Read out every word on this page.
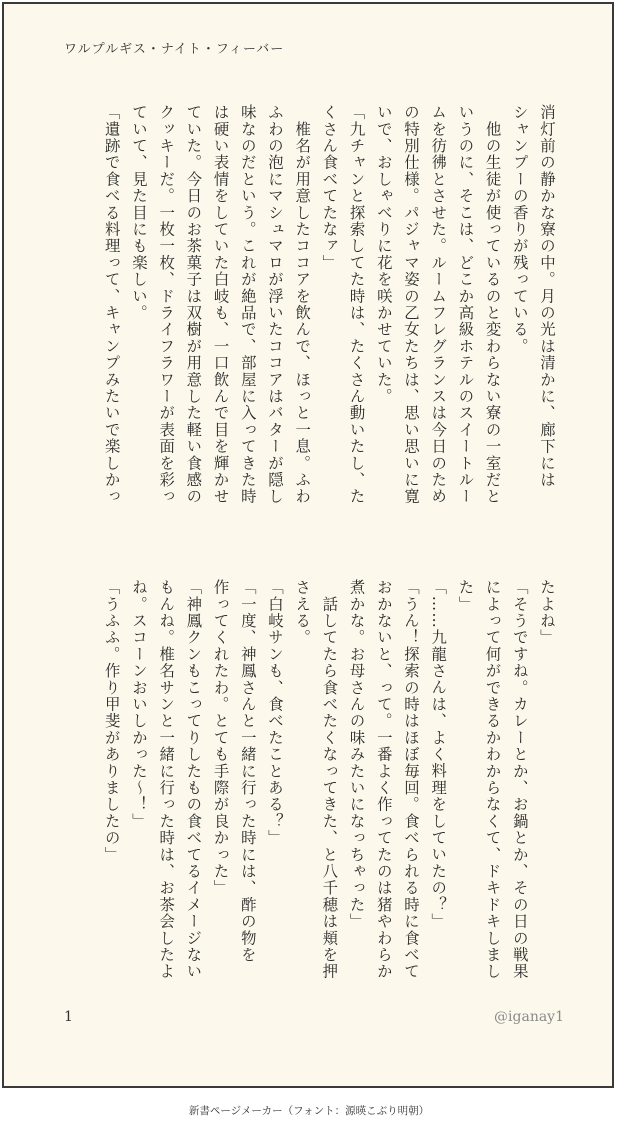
ワルプルギス・ナイト・フィーバー
消灯前の静かな寮の中。月の光は清かに、廊下には
シャンプーの香りが残っている。
　他の生徒が使っているのと変わらない寮の一室だと
いうのに、そこは、どこか高級ホテルのスイートルー
ムを彷彿とさせた。ルームフレグランスは今日のため
の特別仕様。パジャマ姿の乙女たちは、思い思いに寛
いで、おしゃべりに花を咲かせていた。
「九チャンと探索してた時は、たくさん動いたし、た
くさん食べてたなァ」
　椎名が用意したココアを飲んで、ほっと一息。ふわ
ふわの泡にマシュマロが浮いたココアはバターが隠し
味なのだという。これが絶品で、部屋に入ってきた時
は硬い表情をしていた白岐も、一口飲んで目を輝かせ
ていた。今日のお茶菓子は双樹が用意した軽い食感の
クッキーだ。一枚一枚、ドライフラワーが表面を彩っ
ていて、見た目にも楽しい。
「遺跡で食べる料理って、キャンプみたいで楽しかっ
たよね」
「そうですね。カレーとか、お鍋とか、その日の戦果
によって何ができるかわからなくて、ドキドキしまし
た」
「……九龍さんは、よく料理をしていたの？」
「うん！探索の時はほぼ毎回。食べられる時に食べて
おかないと、って。一番よく作ってたのは猪やわらか
煮かな。お母さんの味みたいになっちゃった」
　話してたら食べたくなってきた、と八千穂は頬を押
さえる。
「白岐サンも、食べたことある？」
「一度、神鳳さんと一緒に行った時には、酢の物を
作ってくれたわ。とても手際が良かった」
「神鳳クンもこってりしたもの食べてるイメージない
もんね。椎名サンと一緒に行った時は、お茶会したよ
ね。スコーンおいしかった〜！」
「うふふ。作り甲斐がありましたの」
1	@iganay1
新書ページメーカー（フォント：源暎こぶり明朝）
